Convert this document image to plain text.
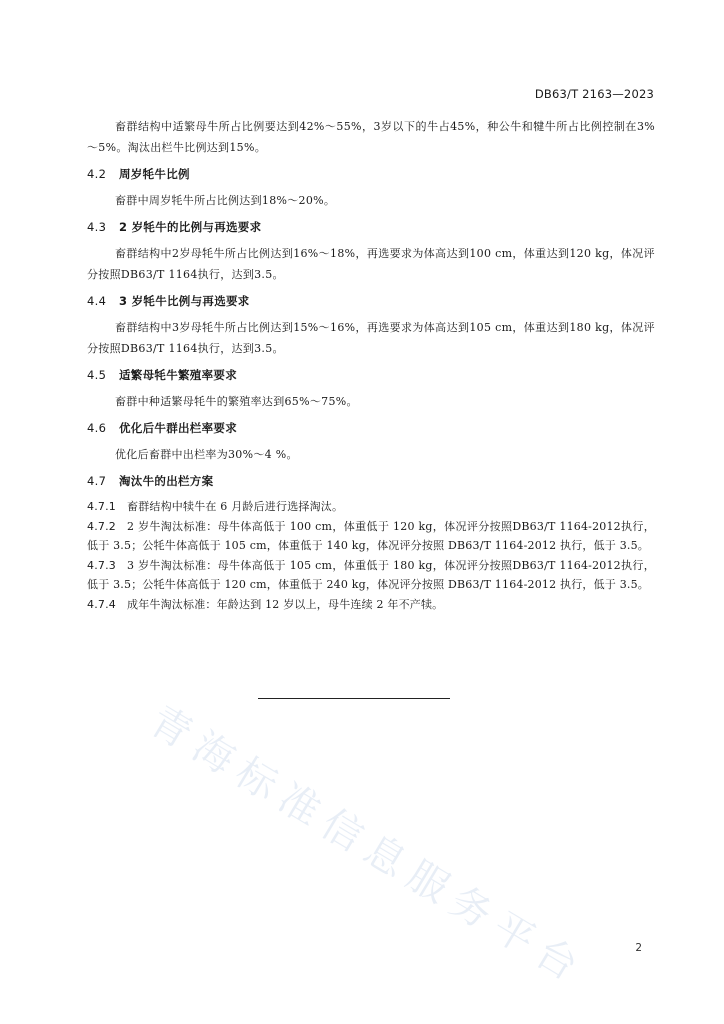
青海标准信息服务平台
DB63/T 2163—2023

畜群结构中适繁母牛所占比例要达到42%～55%，3岁以下的牛占45%，种公牛和犍牛所占比例控制在3%～5%。淘汰出栏牛比例达到15%。

4.2 周岁牦牛比例

畜群中周岁牦牛所占比例达到18%～20%。

4.3 2 岁牦牛的比例与再选要求

畜群结构中2岁母牦牛所占比例达到16%～18%，再选要求为体高达到100 cm，体重达到120 kg，体况评分按照DB63/T 1164执行，达到3.5。

4.4 3 岁牦牛比例与再选要求

畜群结构中3岁母牦牛所占比例达到15%～16%，再选要求为体高达到105 cm，体重达到180 kg，体况评分按照DB63/T 1164执行，达到3.5。

4.5 适繁母牦牛繁殖率要求

畜群中种适繁母牦牛的繁殖率达到65%～75%。

4.6 优化后牛群出栏率要求

优化后畜群中出栏率为30%～4 %。

4.7 淘汰牛的出栏方案

4.7.1 畜群结构中犊牛在 6 月龄后进行选择淘汰。

4.7.2 2 岁牛淘汰标准：母牛体高低于 100 cm，体重低于 120 kg，体况评分按照DB63/T 1164-2012执行，低于 3.5；公牦牛体高低于 105 cm，体重低于 140 kg，体况评分按照 DB63/T 1164-2012 执行，低于 3.5。

4.7.3 3 岁牛淘汰标准：母牛体高低于 105 cm，体重低于 180 kg，体况评分按照DB63/T 1164-2012执行，低于 3.5；公牦牛体高低于 120 cm，体重低于 240 kg，体况评分按照 DB63/T 1164-2012 执行，低于 3.5。

4.7.4 成年牛淘汰标准：年龄达到 12 岁以上，母牛连续 2 年不产犊。

2
